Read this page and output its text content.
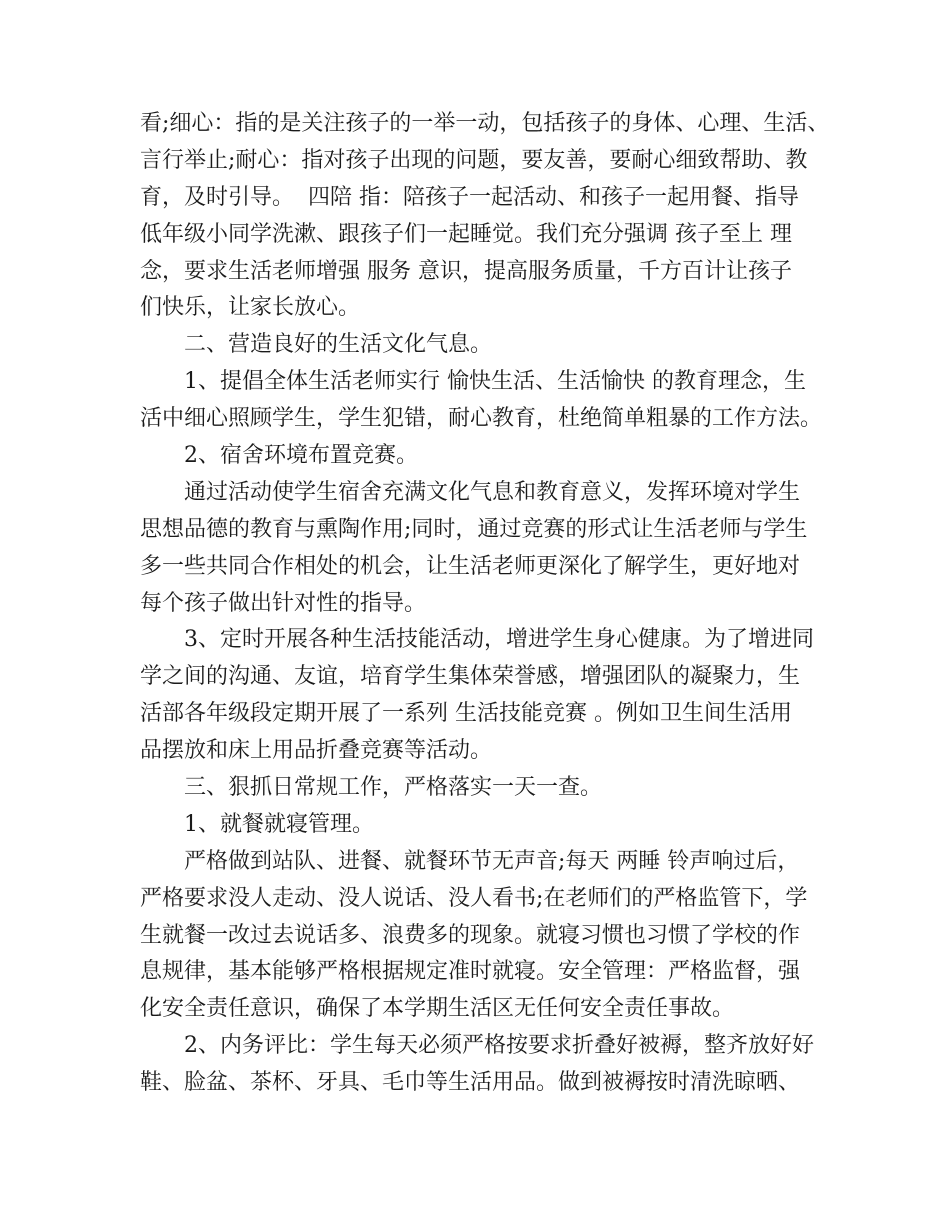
看;细心：指的是关注孩子的一举一动，包括孩子的身体、心理、生活、
言行举止;耐心：指对孩子出现的问题，要友善，要耐心细致帮助、教
育，及时引导。  四陪 指：陪孩子一起活动、和孩子一起用餐、指导
低年级小同学洗漱、跟孩子们一起睡觉。我们充分强调 孩子至上 理
念，要求生活老师增强 服务 意识，提高服务质量，千方百计让孩子
们快乐，让家长放心。
二、营造良好的生活文化气息。
1、提倡全体生活老师实行 愉快生活、生活愉快 的教育理念，生
活中细心照顾学生，学生犯错，耐心教育，杜绝简单粗暴的工作方法。
2、宿舍环境布置竞赛。
通过活动使学生宿舍充满文化气息和教育意义，发挥环境对学生
思想品德的教育与熏陶作用;同时，通过竞赛的形式让生活老师与学生
多一些共同合作相处的机会，让生活老师更深化了解学生，更好地对
每个孩子做出针对性的指导。
3、定时开展各种生活技能活动，增进学生身心健康。为了增进同
学之间的沟通、友谊，培育学生集体荣誉感，增强团队的凝聚力，生
活部各年级段定期开展了一系列 生活技能竞赛 。例如卫生间生活用
品摆放和床上用品折叠竞赛等活动。
三、狠抓日常规工作，严格落实一天一查。
1、就餐就寝管理。
严格做到站队、进餐、就餐环节无声音;每天 两睡 铃声响过后，
严格要求没人走动、没人说话、没人看书;在老师们的严格监管下，学
生就餐一改过去说话多、浪费多的现象。就寝习惯也习惯了学校的作
息规律，基本能够严格根据规定准时就寝。安全管理：严格监督，强
化安全责任意识，确保了本学期生活区无任何安全责任事故。
2、内务评比：学生每天必须严格按要求折叠好被褥，整齐放好好
鞋、脸盆、茶杯、牙具、毛巾等生活用品。做到被褥按时清洗晾晒、
